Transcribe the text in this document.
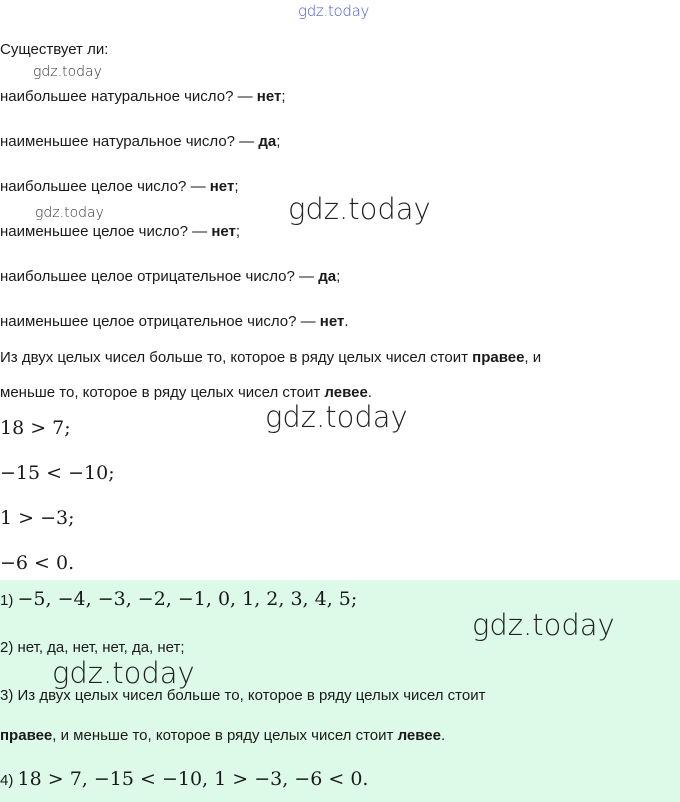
gdz.today
gdz.today
gdz.today	gdz.today
gdz.today
gdz.today
gdz.today
Существует ли:
наибольшее натуральное число? — нет;
наименьшее натуральное число? — да;
наибольшее целое число? — нет;
наименьшее целое число? — нет;
наибольшее целое отрицательное число? — да;
наименьшее целое отрицательное число? — нет.
Из двух целых чисел больше то, которое в ряду целых чисел стоит правее, и
меньше то, которое в ряду целых чисел стоит левее.
18 > 7;
−15 < −10;
1 > −3;
−6 < 0.
1) −5, −4, −3, −2, −1, 0, 1, 2, 3, 4, 5;
2) нет, да, нет, нет, да, нет;
3) Из двух целых чисел больше то, которое в ряду целых чисел стоит
правее, и меньше то, которое в ряду целых чисел стоит левее.
4) 18 > 7, −15 < −10, 1 > −3, −6 < 0.
